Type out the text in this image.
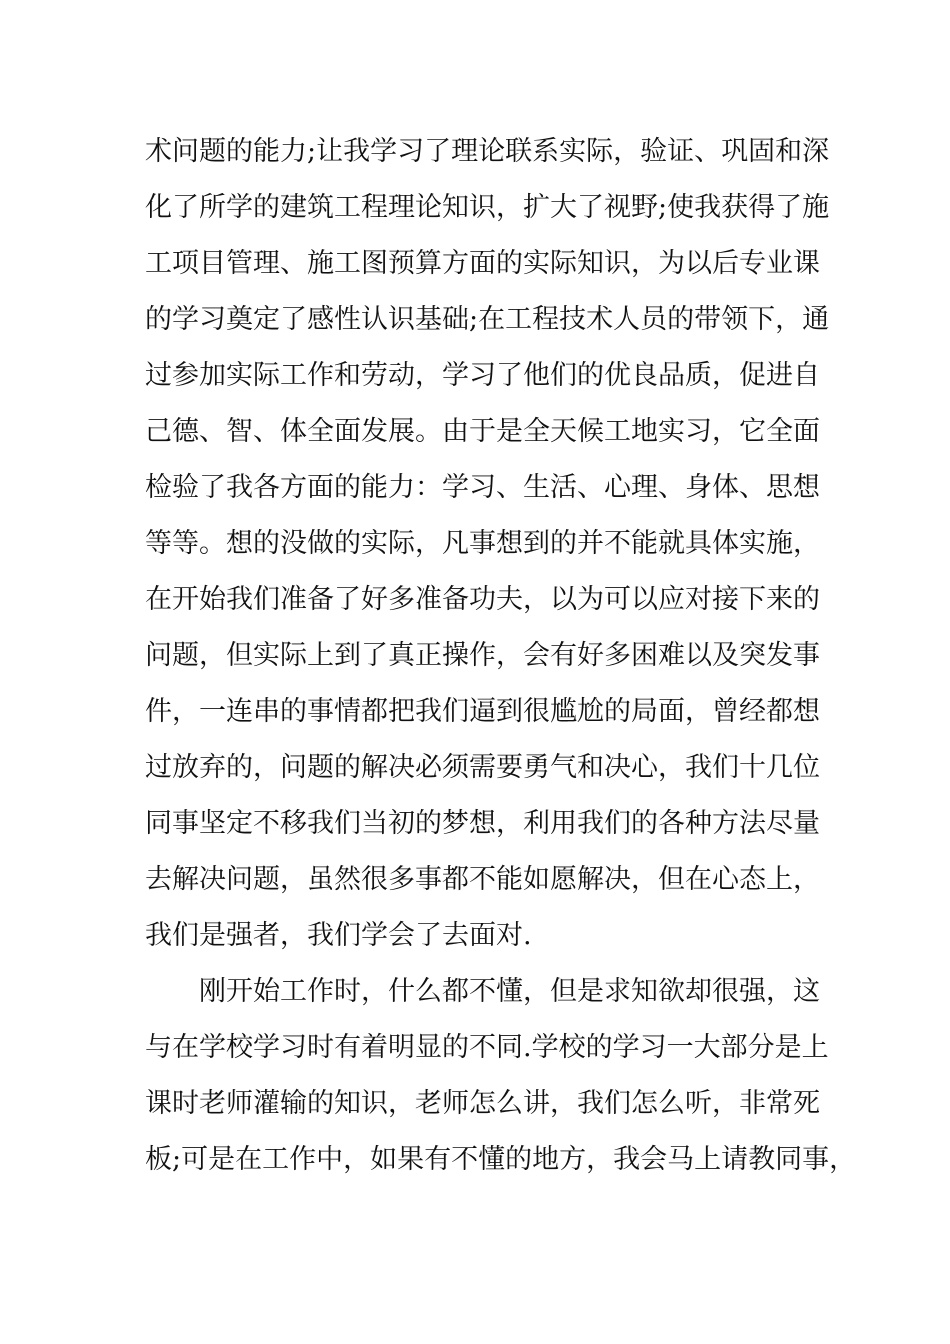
术问题的能力;让我学习了理论联系实际，验证、巩固和深
化了所学的建筑工程理论知识，扩大了视野;使我获得了施
工项目管理、施工图预算方面的实际知识，为以后专业课
的学习奠定了感性认识基础;在工程技术人员的带领下，通
过参加实际工作和劳动，学习了他们的优良品质，促进自
己德、智、体全面发展。由于是全天候工地实习，它全面
检验了我各方面的能力：学习、生活、心理、身体、思想
等等。想的没做的实际，凡事想到的并不能就具体实施，
在开始我们准备了好多准备功夫，以为可以应对接下来的
问题，但实际上到了真正操作，会有好多困难以及突发事
件，一连串的事情都把我们逼到很尴尬的局面，曾经都想
过放弃的，问题的解决必须需要勇气和决心，我们十几位
同事坚定不移我们当初的梦想，利用我们的各种方法尽量
去解决问题，虽然很多事都不能如愿解决，但在心态上，
我们是强者，我们学会了去面对.
刚开始工作时，什么都不懂，但是求知欲却很强，这
与在学校学习时有着明显的不同.学校的学习一大部分是上
课时老师灌输的知识，老师怎么讲，我们怎么听，非常死
板;可是在工作中，如果有不懂的地方，我会马上请教同事，
